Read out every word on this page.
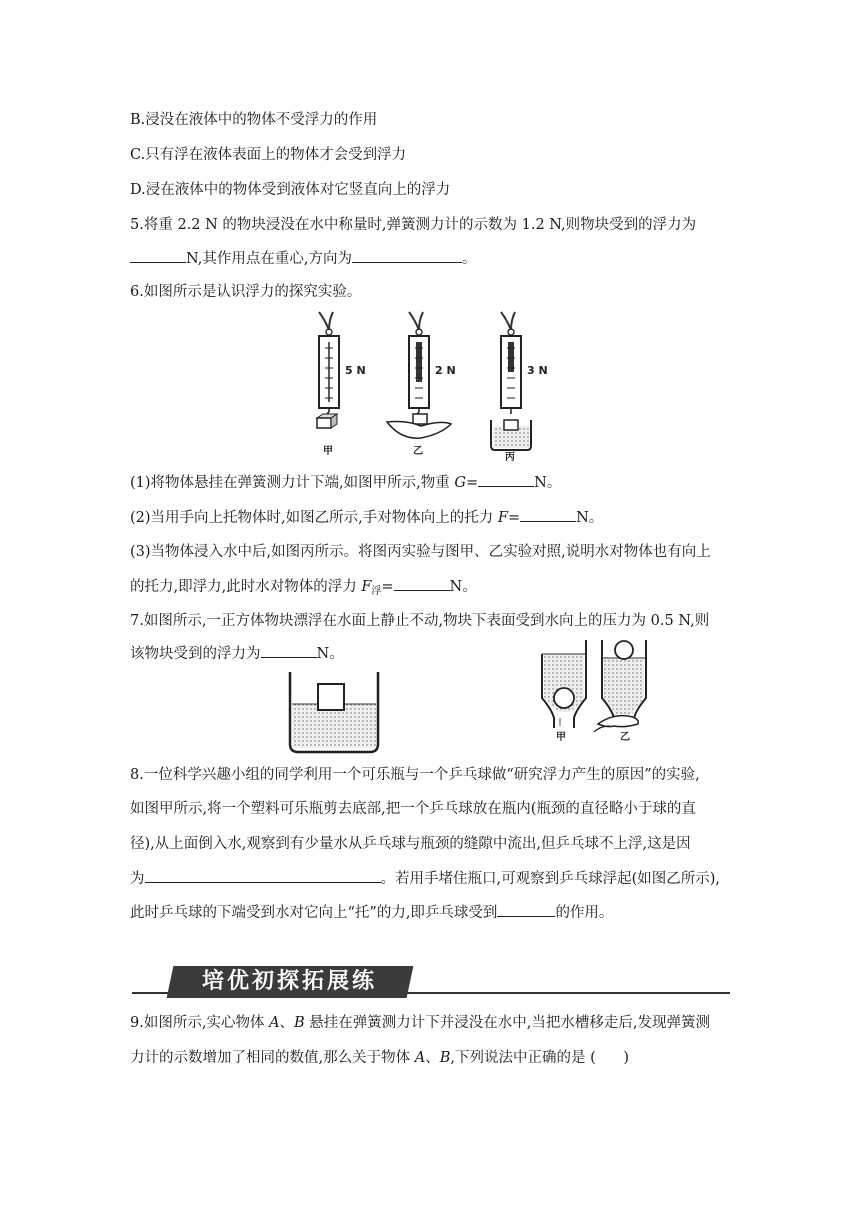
B.浸没在液体中的物体不受浮力的作用
C.只有浮在液体表面上的物体才会受到浮力
D.浸在液体中的物体受到液体对它竖直向上的浮力
5.将重 2.2 N 的物块浸没在水中称量时,弹簧测力计的示数为 1.2 N,则物块受到的浮力为
N,其作用点在重心,方向为	。
6.如图所示是认识浮力的探究实验。
5 N
甲
2 N
乙
3 N
丙
(1)将物体悬挂在弹簧测力计下端,如图甲所示,物重 G=	N。
(2)当用手向上托物体时,如图乙所示,手对物体向上的托力 F=	N。
(3)当物体浸入水中后,如图丙所示。将图丙实验与图甲、乙实验对照,说明水对物体也有向上
的托力,即浮力,此时水对物体的浮力 $F_浮=$	N。
7.如图所示,一正方体物块漂浮在水面上静止不动,物块下表面受到水向上的压力为 0.5 N,则
该物块受到的浮力为	N。
甲	乙
8.一位科学兴趣小组的同学利用一个可乐瓶与一个乒乓球做“研究浮力产生的原因”的实验,
如图甲所示,将一个塑料可乐瓶剪去底部,把一个乒乓球放在瓶内(瓶颈的直径略小于球的直
径),从上面倒入水,观察到有少量水从乒乓球与瓶颈的缝隙中流出,但乒乓球不上浮,这是因
为	。若用手堵住瓶口,可观察到乒乓球浮起(如图乙所示),
此时乒乓球的下端受到水对它向上“托”的力,即乒乓球受到	的作用。
培优初探拓展练
9.如图所示,实心物体 A、B 悬挂在弹簧测力计下并浸没在水中,当把水槽移走后,发现弹簧测
力计的示数增加了相同的数值,那么关于物体 A、B,下列说法中正确的是 (      )
